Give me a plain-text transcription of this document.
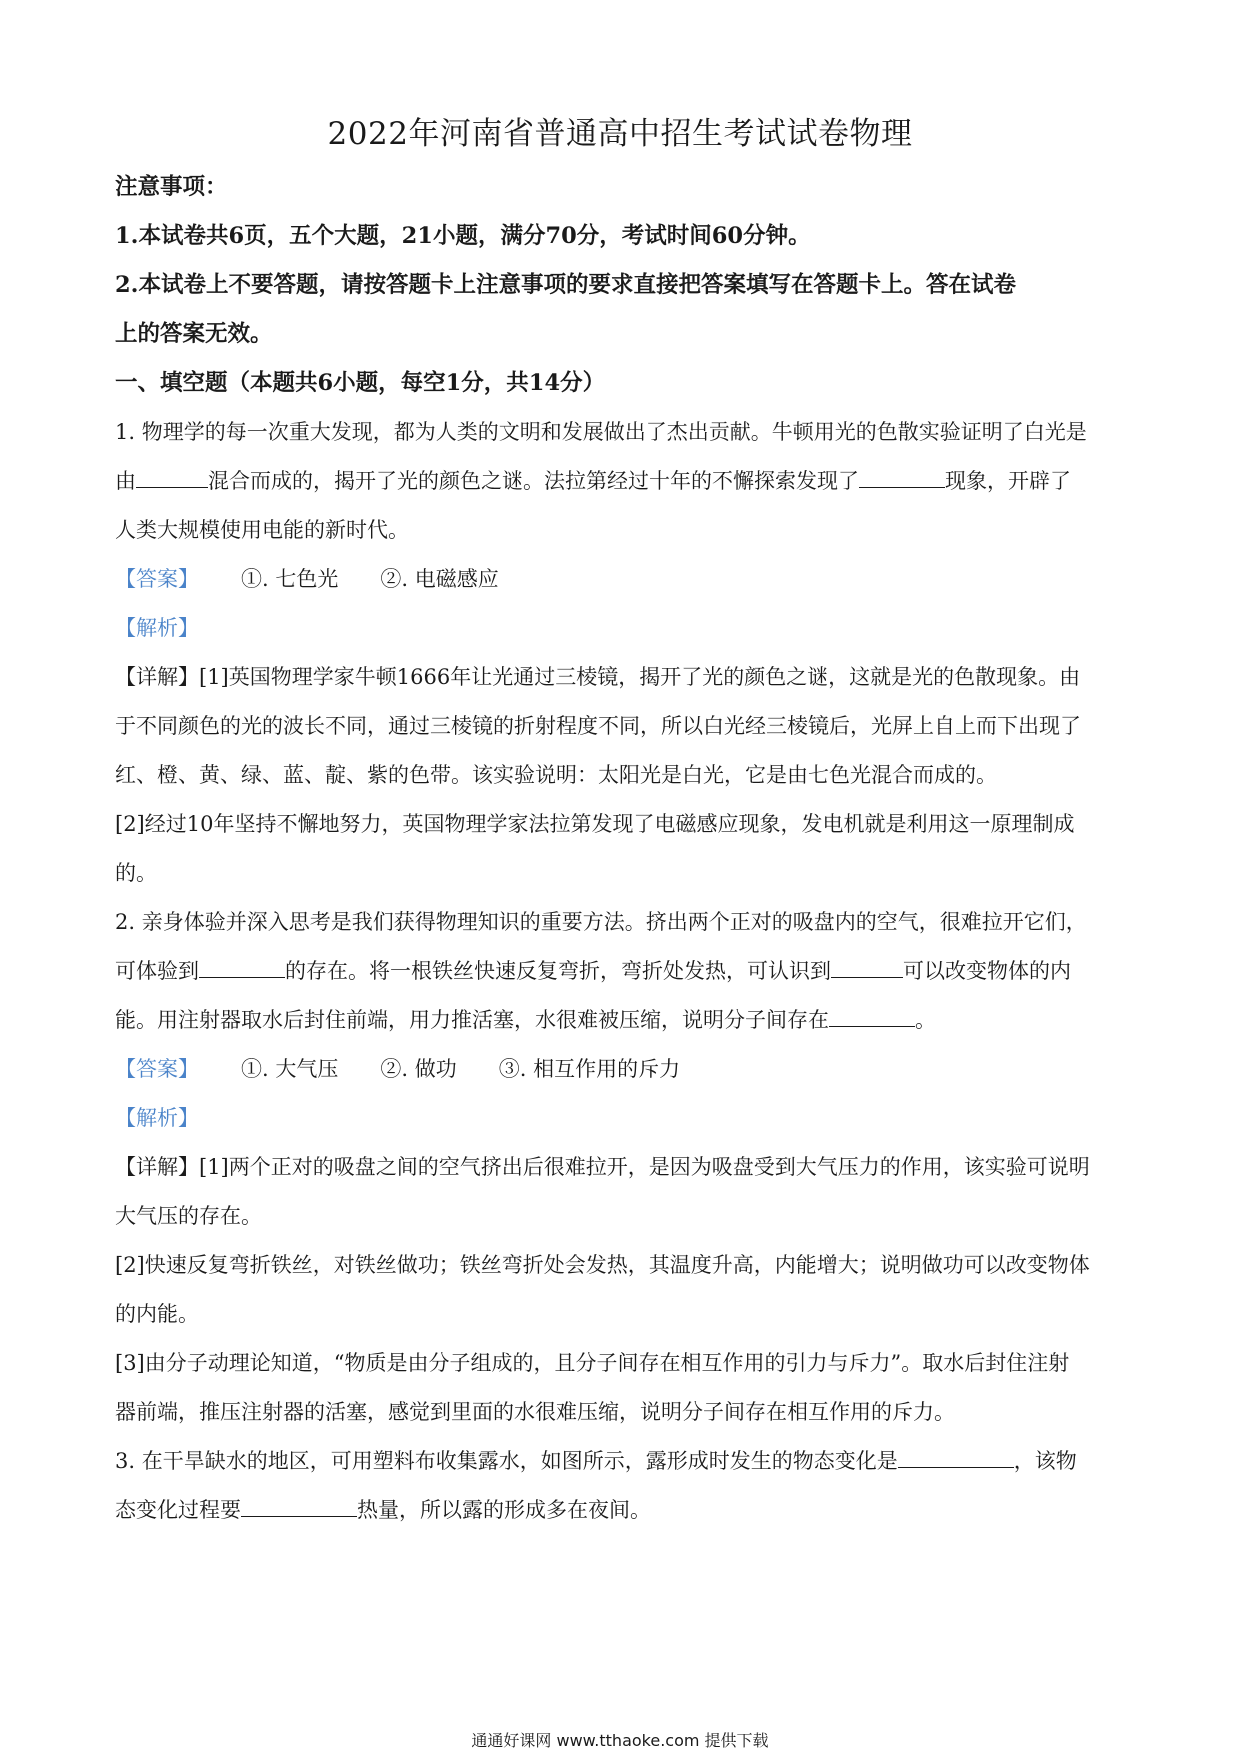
2022年河南省普通高中招生考试试卷物理
注意事项：
1.本试卷共6页，五个大题，21小题，满分70分，考试时间60分钟。
2.本试卷上不要答题，请按答题卡上注意事项的要求直接把答案填写在答题卡上。答在试卷
上的答案无效。
一、填空题（本题共6小题，每空1分，共14分）
1. 物理学的每一次重大发现，都为人类的文明和发展做出了杰出贡献。牛顿用光的色散实验证明了白光是
由	混合而成的，揭开了光的颜色之谜。法拉第经过十年的不懈探索发现了	现象，开辟了
人类大规模使用电能的新时代。
【答案】 ①. 七色光 ②. 电磁感应
【解析】
【详解】[1]英国物理学家牛顿1666年让光通过三棱镜，揭开了光的颜色之谜，这就是光的色散现象。由
于不同颜色的光的波长不同，通过三棱镜的折射程度不同，所以白光经三棱镜后，光屏上自上而下出现了
红、橙、黄、绿、蓝、靛、紫的色带。该实验说明：太阳光是白光，它是由七色光混合而成的。
[2]经过10年坚持不懈地努力，英国物理学家法拉第发现了电磁感应现象，发电机就是利用这一原理制成
的。
2. 亲身体验并深入思考是我们获得物理知识的重要方法。挤出两个正对的吸盘内的空气，很难拉开它们，
可体验到	的存在。将一根铁丝快速反复弯折，弯折处发热，可认识到	可以改变物体的内
能。用注射器取水后封住前端，用力推活塞，水很难被压缩，说明分子间存在	。
【答案】 ①. 大气压 ②. 做功 ③. 相互作用的斥力
【解析】
【详解】[1]两个正对的吸盘之间的空气挤出后很难拉开，是因为吸盘受到大气压力的作用，该实验可说明
大气压的存在。
[2]快速反复弯折铁丝，对铁丝做功；铁丝弯折处会发热，其温度升高，内能增大；说明做功可以改变物体
的内能。
[3]由分子动理论知道，“物质是由分子组成的，且分子间存在相互作用的引力与斥力”。取水后封住注射
器前端，推压注射器的活塞，感觉到里面的水很难压缩，说明分子间存在相互作用的斥力。
3. 在干旱缺水的地区，可用塑料布收集露水，如图所示，露形成时发生的物态变化是	，该物
态变化过程要	热量，所以露的形成多在夜间。
通通好课网 www.tthaoke.com 提供下载
